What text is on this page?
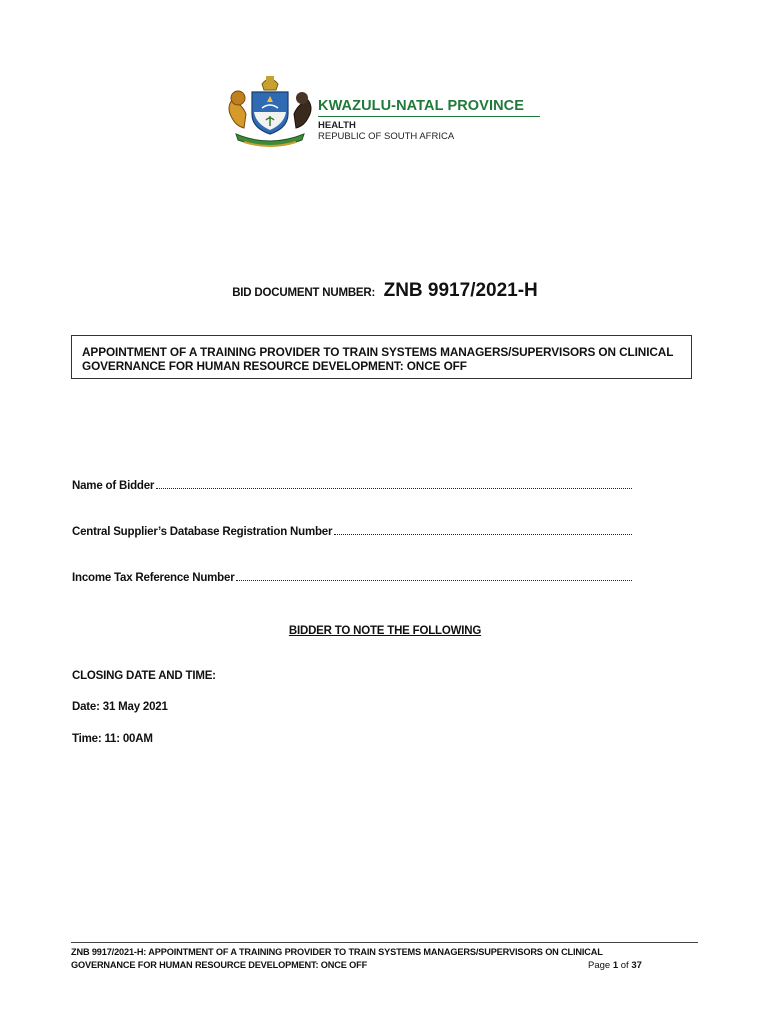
KWAZULU-NATAL PROVINCE
HEALTH
REPUBLIC OF SOUTH AFRICA
BID DOCUMENT NUMBER: ZNB 9917/2021-H
APPOINTMENT OF A TRAINING PROVIDER TO TRAIN SYSTEMS MANAGERS/SUPERVISORS ON CLINICAL GOVERNANCE FOR HUMAN RESOURCE DEVELOPMENT: ONCE OFF
Name of Bidder
Central Supplier’s Database Registration Number
Income Tax Reference Number
BIDDER TO NOTE THE FOLLOWING
CLOSING DATE AND TIME:
Date: 31 May 2021
Time: 11: 00AM
ZNB 9917/2021-H: APPOINTMENT OF A TRAINING PROVIDER TO TRAIN SYSTEMS MANAGERS/SUPERVISORS ON CLINICAL GOVERNANCE FOR HUMAN RESOURCE DEVELOPMENT: ONCE OFF	Page 1 of 37
